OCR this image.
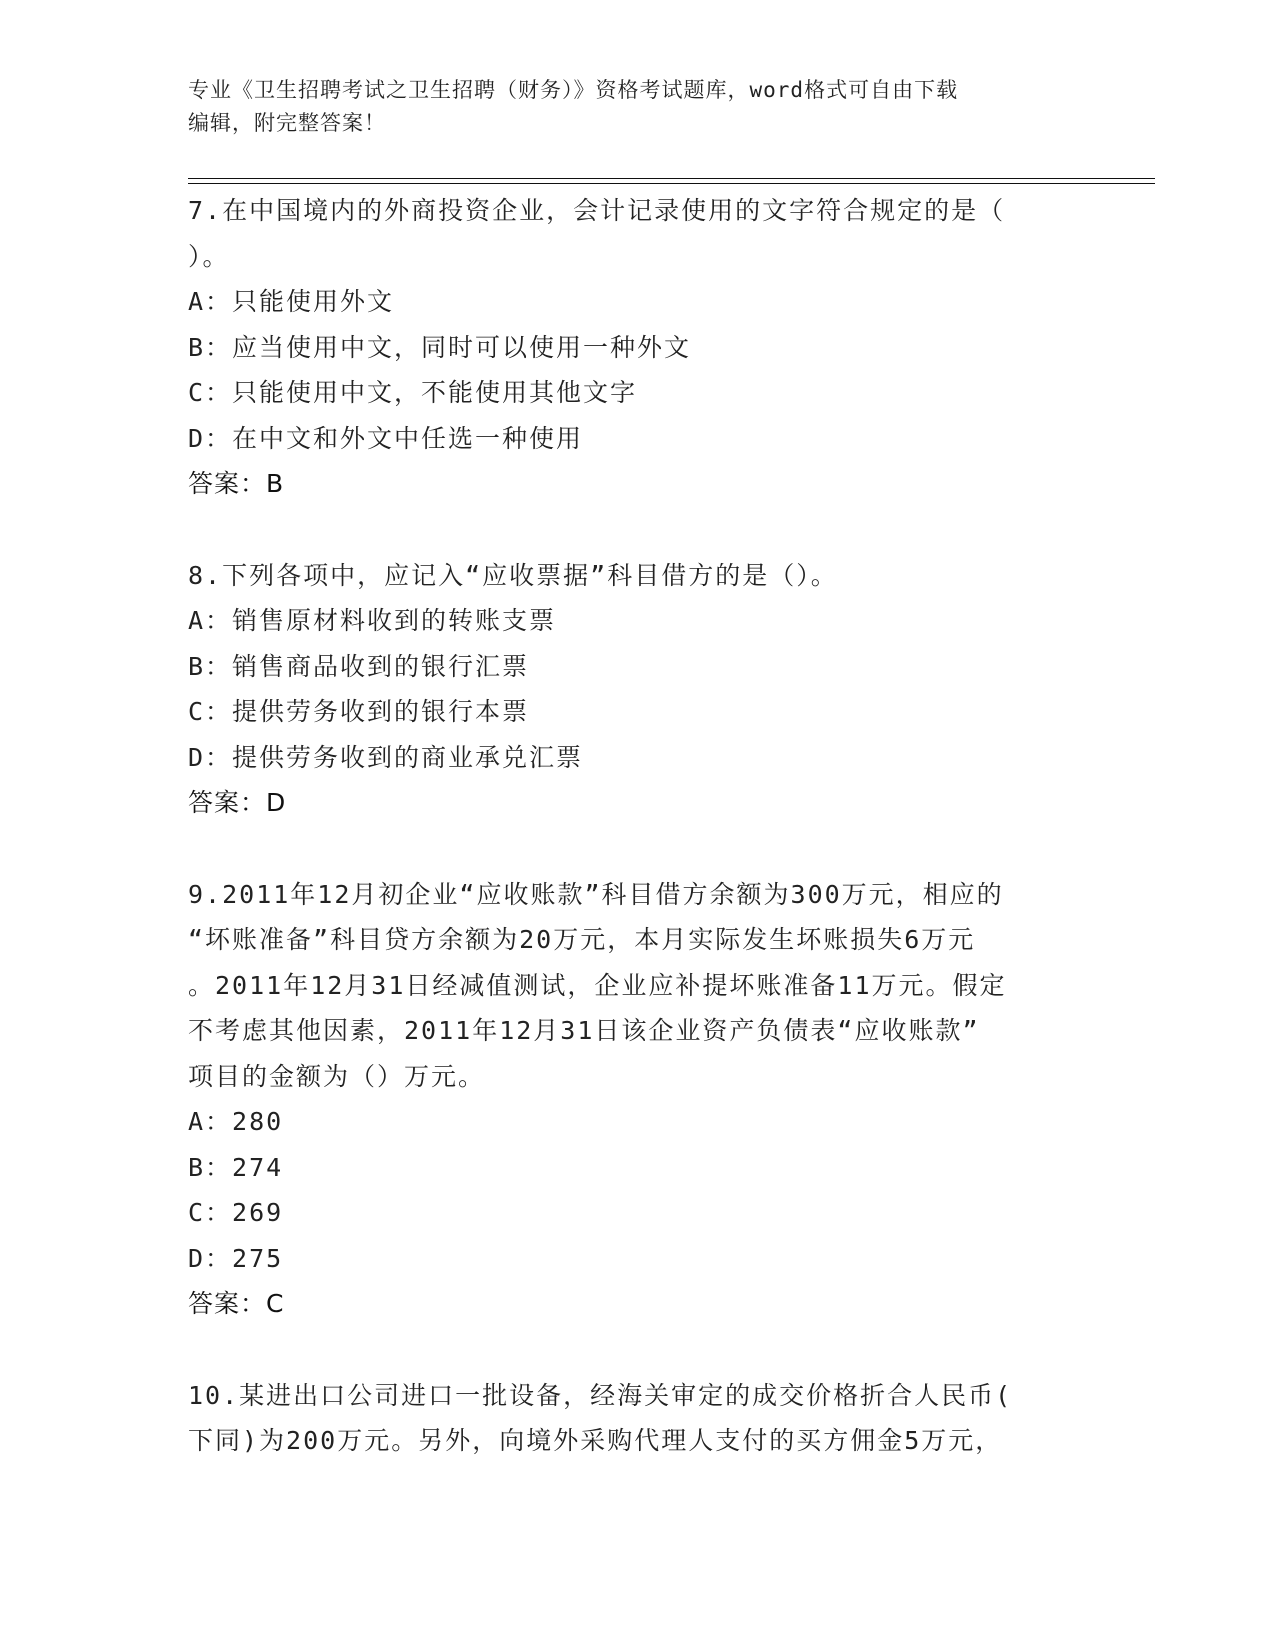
专业《卫生招聘考试之卫生招聘（财务）》资格考试题库，word格式可自由下载
编辑，附完整答案！
7.在中国境内的外商投资企业，会计记录使用的文字符合规定的是（
）。
A：只能使用外文
B：应当使用中文，同时可以使用一种外文
C：只能使用中文，不能使用其他文字
D：在中文和外文中任选一种使用
答案：B
8.下列各项中，应记入“应收票据”科目借方的是（）。
A：销售原材料收到的转账支票
B：销售商品收到的银行汇票
C：提供劳务收到的银行本票
D：提供劳务收到的商业承兑汇票
答案：D
9.2011年12月初企业“应收账款”科目借方余额为300万元，相应的
“坏账准备”科目贷方余额为20万元，本月实际发生坏账损失6万元
。2011年12月31日经减值测试，企业应补提坏账准备11万元。假定
不考虑其他因素，2011年12月31日该企业资产负债表“应收账款”
项目的金额为（）万元。
A：280
B：274
C：269
D：275
答案：C
10.某进出口公司进口一批设备，经海关审定的成交价格折合人民币(
下同)为200万元。另外，向境外采购代理人支付的买方佣金5万元，
